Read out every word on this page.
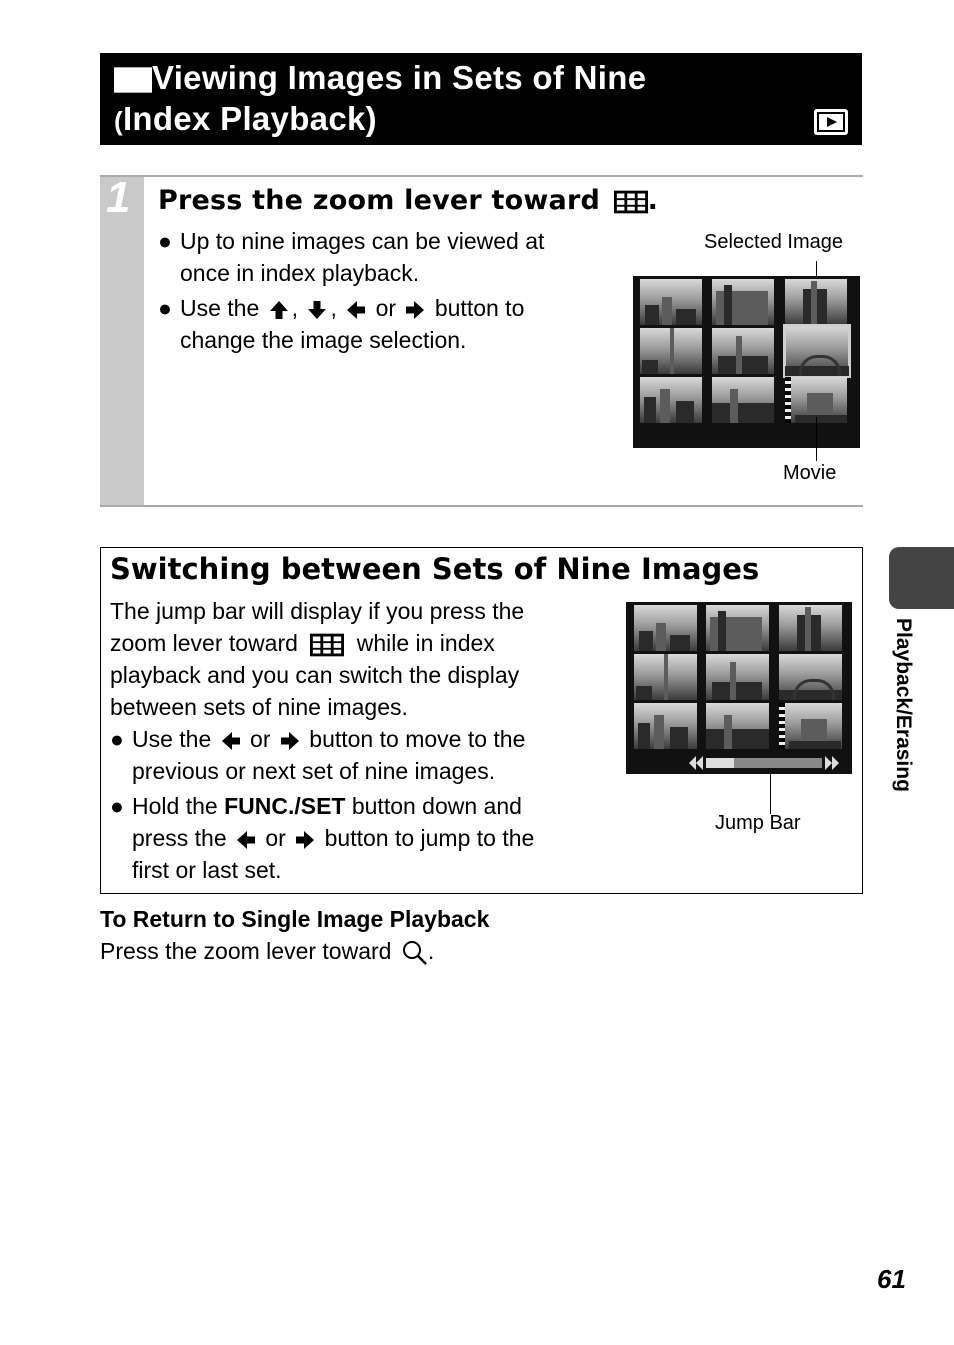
Viewing Images in Sets of Nine
(Index Playback)
1 Press the zoom lever toward .
● Up to nine images can be viewed at
once in index playback.
● Use the , , or button to
change the image selection.
Selected Image
Movie
Switching between Sets of Nine Images
The jump bar will display if you press the
zoom lever toward	while in index
playback and you can switch the display
between sets of nine images.
● Use the or button to move to the
previous or next set of nine images.
● Hold the FUNC./SET button down and
press the or button to jump to the
first or last set.
Jump Bar
Playback/Erasing
To Return to Single Image Playback
Press the zoom lever toward .
61
